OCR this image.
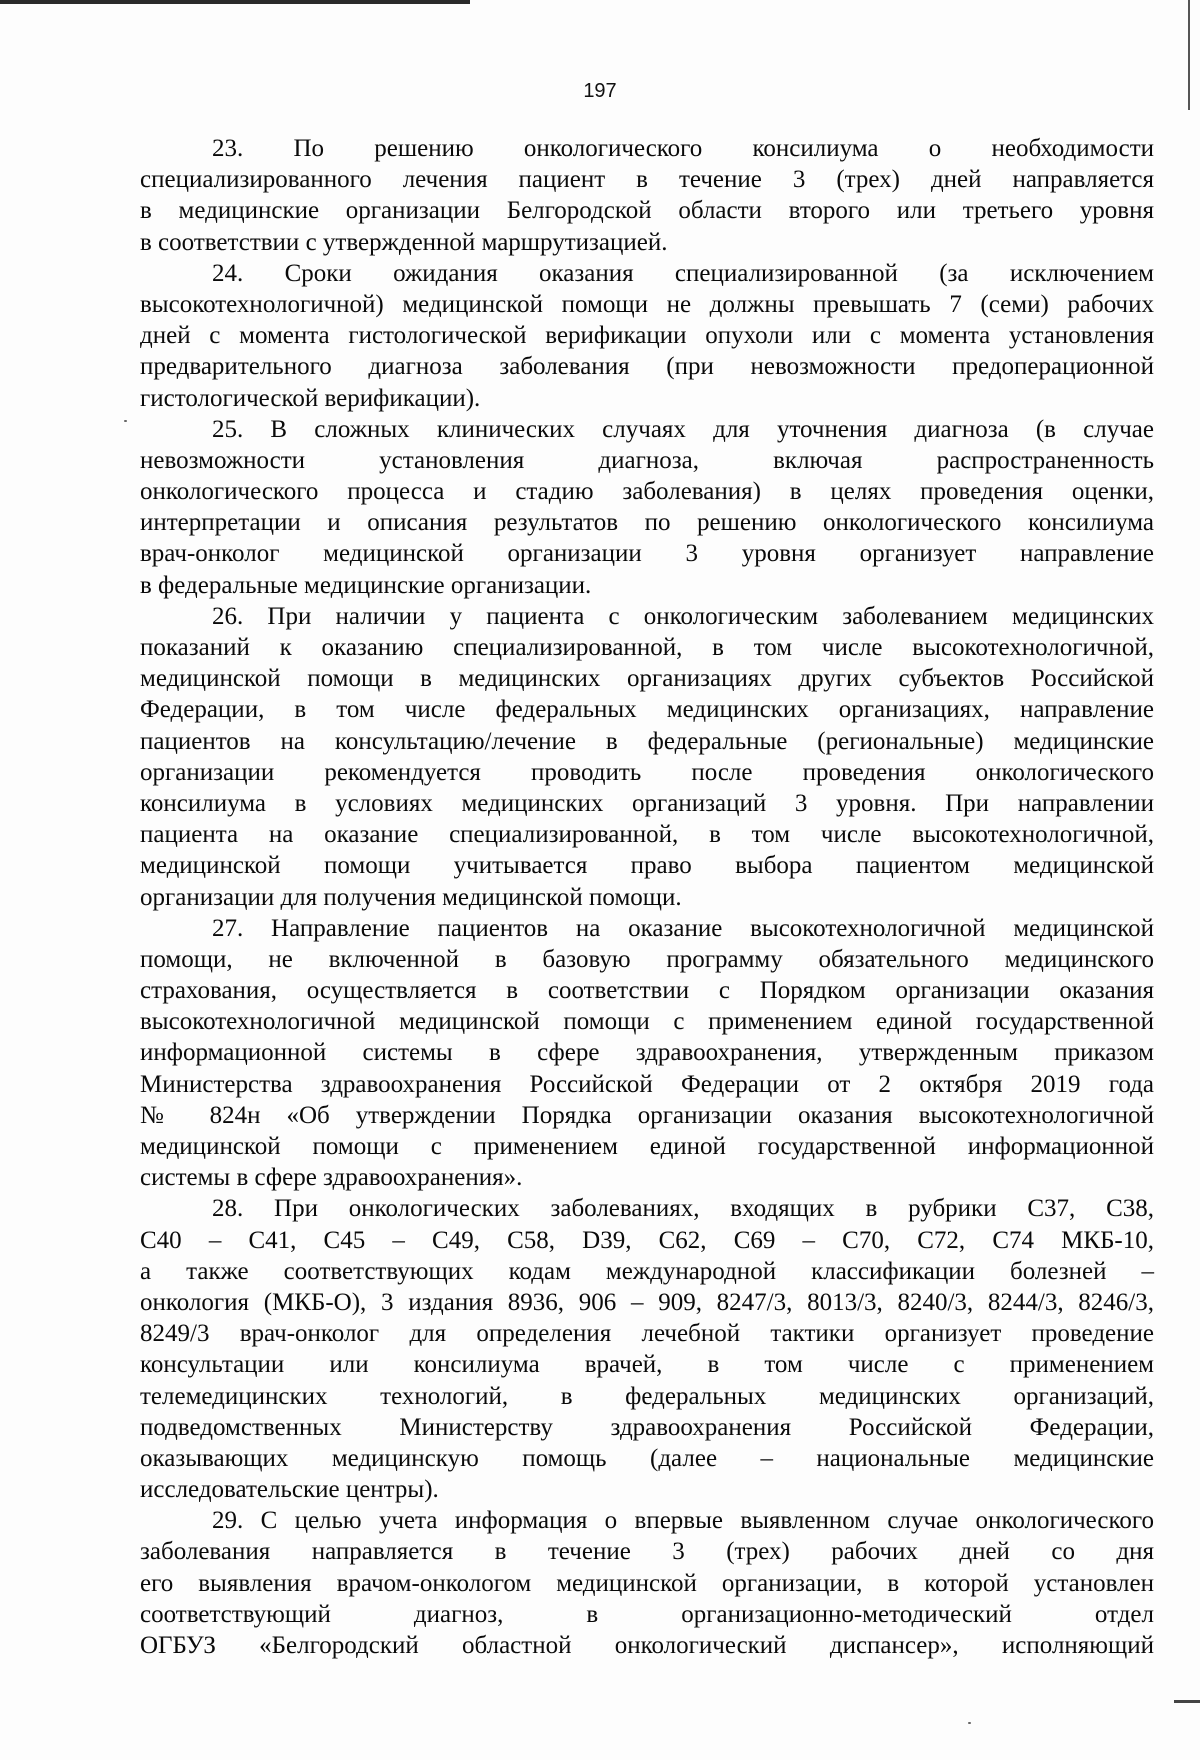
197
23. По решению онкологического консилиума о необходимости
специализированного лечения пациент в течение 3 (трех) дней направляется
в медицинские организации Белгородской области второго или третьего уровня
в соответствии с утвержденной маршрутизацией.
24. Сроки ожидания оказания специализированной (за исключением
высокотехнологичной) медицинской помощи не должны превышать 7 (семи) рабочих
дней с момента гистологической верификации опухоли или с момента установления
предварительного диагноза заболевания (при невозможности предоперационной
гистологической верификации).
25. В сложных клинических случаях для уточнения диагноза (в случае
невозможности установления диагноза, включая распространенность
онкологического процесса и стадию заболевания) в целях проведения оценки,
интерпретации и описания результатов по решению онкологического консилиума
врач-онколог медицинской организации 3 уровня организует направление
в федеральные медицинские организации.
26. При наличии у пациента с онкологическим заболеванием медицинских
показаний к оказанию специализированной, в том числе высокотехнологичной,
медицинской помощи в медицинских организациях других субъектов Российской
Федерации, в том числе федеральных медицинских организациях, направление
пациентов на консультацию/лечение в федеральные (региональные) медицинские
организации рекомендуется проводить после проведения онкологического
консилиума в условиях медицинских организаций 3 уровня. При направлении
пациента на оказание специализированной, в том числе высокотехнологичной,
медицинской помощи учитывается право выбора пациентом медицинской
организации для получения медицинской помощи.
27. Направление пациентов на оказание высокотехнологичной медицинской
помощи, не включенной в базовую программу обязательного медицинского
страхования, осуществляется в соответствии с Порядком организации оказания
высокотехнологичной медицинской помощи с применением единой государственной
информационной системы в сфере здравоохранения, утвержденным приказом
Министерства здравоохранения Российской Федерации от 2 октября 2019 года
№ 824н «Об утверждении Порядка организации оказания высокотехнологичной
медицинской помощи с применением единой государственной информационной
системы в сфере здравоохранения».
28. При онкологических заболеваниях, входящих в рубрики С37, С38,
С40 – С41, С45 – С49, С58, D39, С62, С69 – С70, С72, С74 МКБ-10,
а также соответствующих кодам международной классификации болезней –
онкология (МКБ-О), 3 издания 8936, 906 – 909, 8247/3, 8013/3, 8240/3, 8244/3, 8246/3,
8249/3 врач-онколог для определения лечебной тактики организует проведение
консультации или консилиума врачей, в том числе с применением
телемедицинских технологий, в федеральных медицинских организаций,
подведомственных Министерству здравоохранения Российской Федерации,
оказывающих медицинскую помощь (далее – национальные медицинские
исследовательские центры).
29. С целью учета информация о впервые выявленном случае онкологического
заболевания направляется в течение 3 (трех) рабочих дней со дня
его выявления врачом-онкологом медицинской организации, в которой установлен
соответствующий диагноз, в организационно-методический отдел
ОГБУЗ «Белгородский областной онкологический диспансер», исполняющий
